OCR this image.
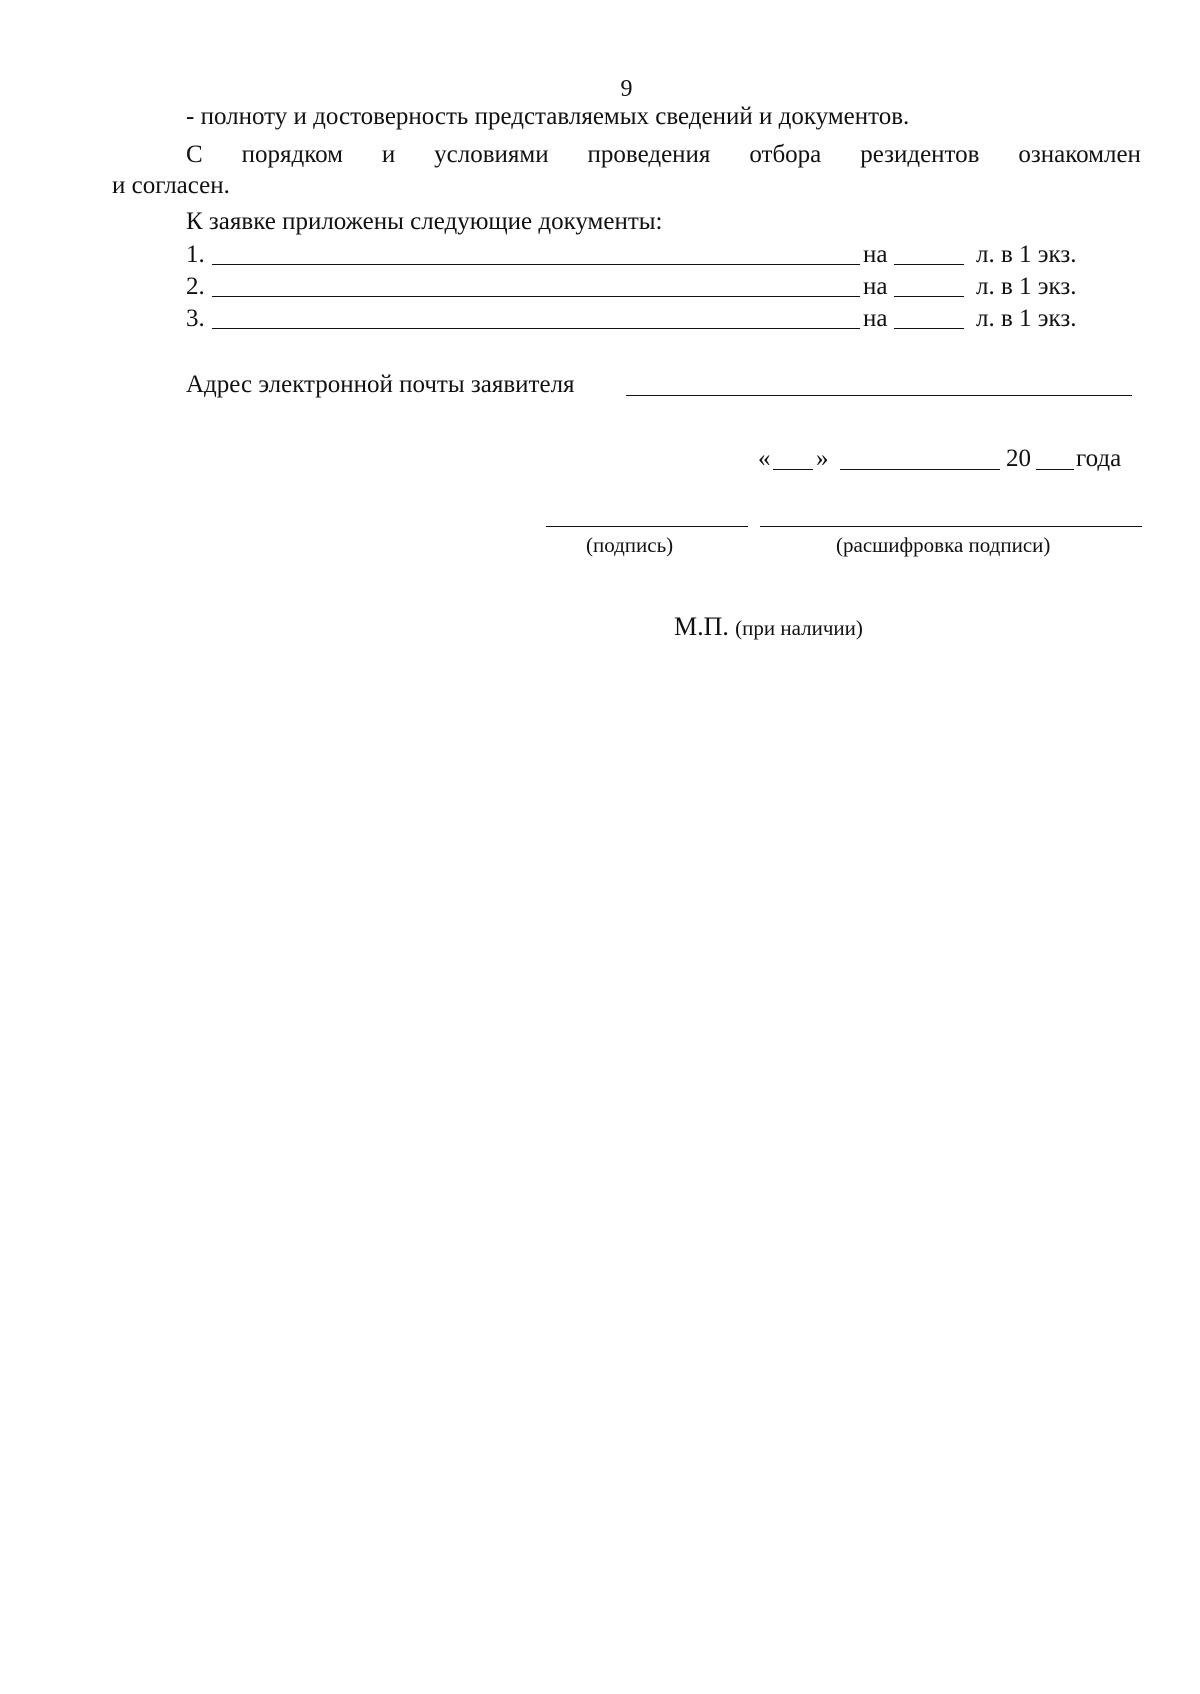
9
- полноту и достоверность представляемых сведений и документов.
С порядком и условиями проведения отбора резидентов ознакомлен
и согласен.
К заявке приложены следующие документы:
1.	на	л. в 1 экз.
2.	на	л. в 1 экз.
3.	на	л. в 1 экз.
Адрес электронной почты заявителя
« »	20 года
(подпись)	(расшифровка подписи)
М.П. (при наличии)
